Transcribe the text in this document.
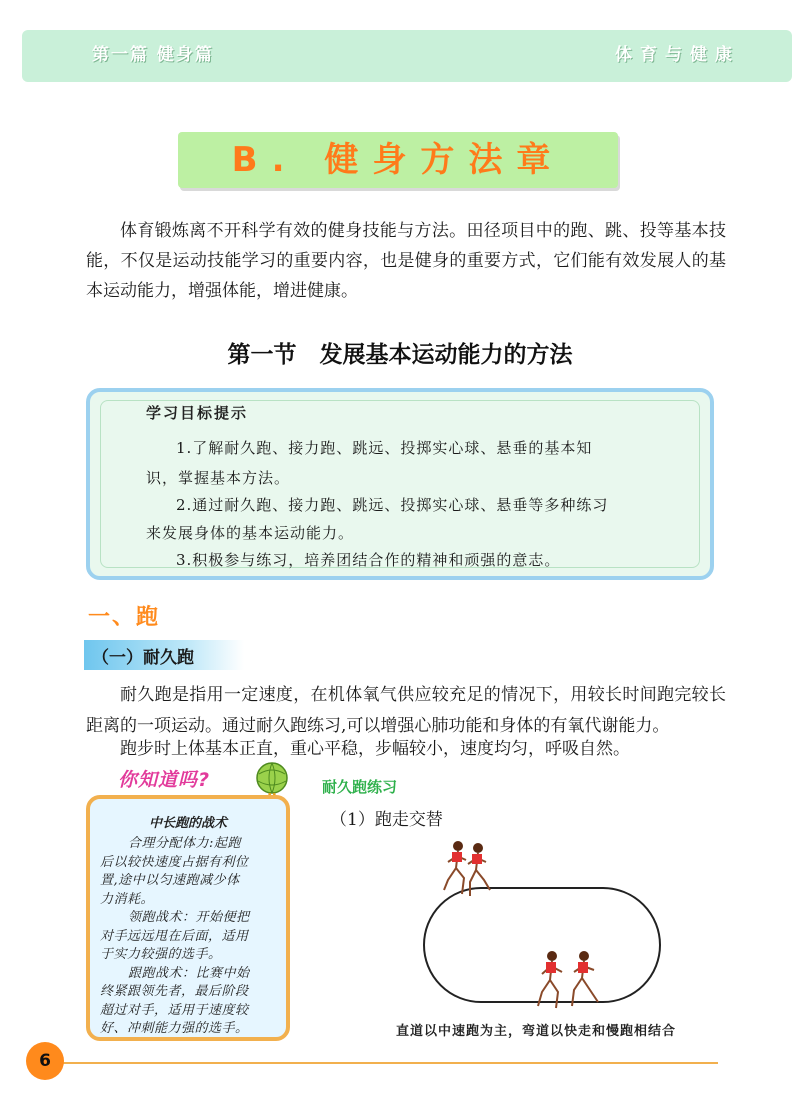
第一篇 健身篇	体育与健康
B. 健身方法章
体育锻炼离不开科学有效的健身技能与方法。田径项目中的跑、跳、投等基本技能，不仅是运动技能学习的重要内容，也是健身的重要方式，它们能有效发展人的基本运动能力，增强体能，增进健康。
第一节　发展基本运动能力的方法
学习目标提示
1.了解耐久跑、接力跑、跳远、投掷实心球、悬垂的基本知
识，掌握基本方法。
2.通过耐久跑、接力跑、跳远、投掷实心球、悬垂等多种练习
来发展身体的基本运动能力。
3.积极参与练习，培养团结合作的精神和顽强的意志。
一、跑
（一）耐久跑
耐久跑是指用一定速度，在机体氧气供应较充足的情况下，用较长时间跑完较长距离的一项运动。通过耐久跑练习,可以增强心肺功能和身体的有氧代谢能力。
跑步时上体基本正直，重心平稳，步幅较小，速度均匀，呼吸自然。
你知道吗?
中长跑的战术
合理分配体力:起跑
后以较快速度占据有利位
置,途中以匀速跑减少体
力消耗。
领跑战术：开始便把
对手远远甩在后面，适用
于实力较强的选手。
跟跑战术：比赛中始
终紧跟领先者，最后阶段
超过对手，适用于速度较
耐久跑练习
（1）跑走交替
直道以中速跑为主，弯道以快走和慢跑相结合
6
好、冲刺能力强的选手。
